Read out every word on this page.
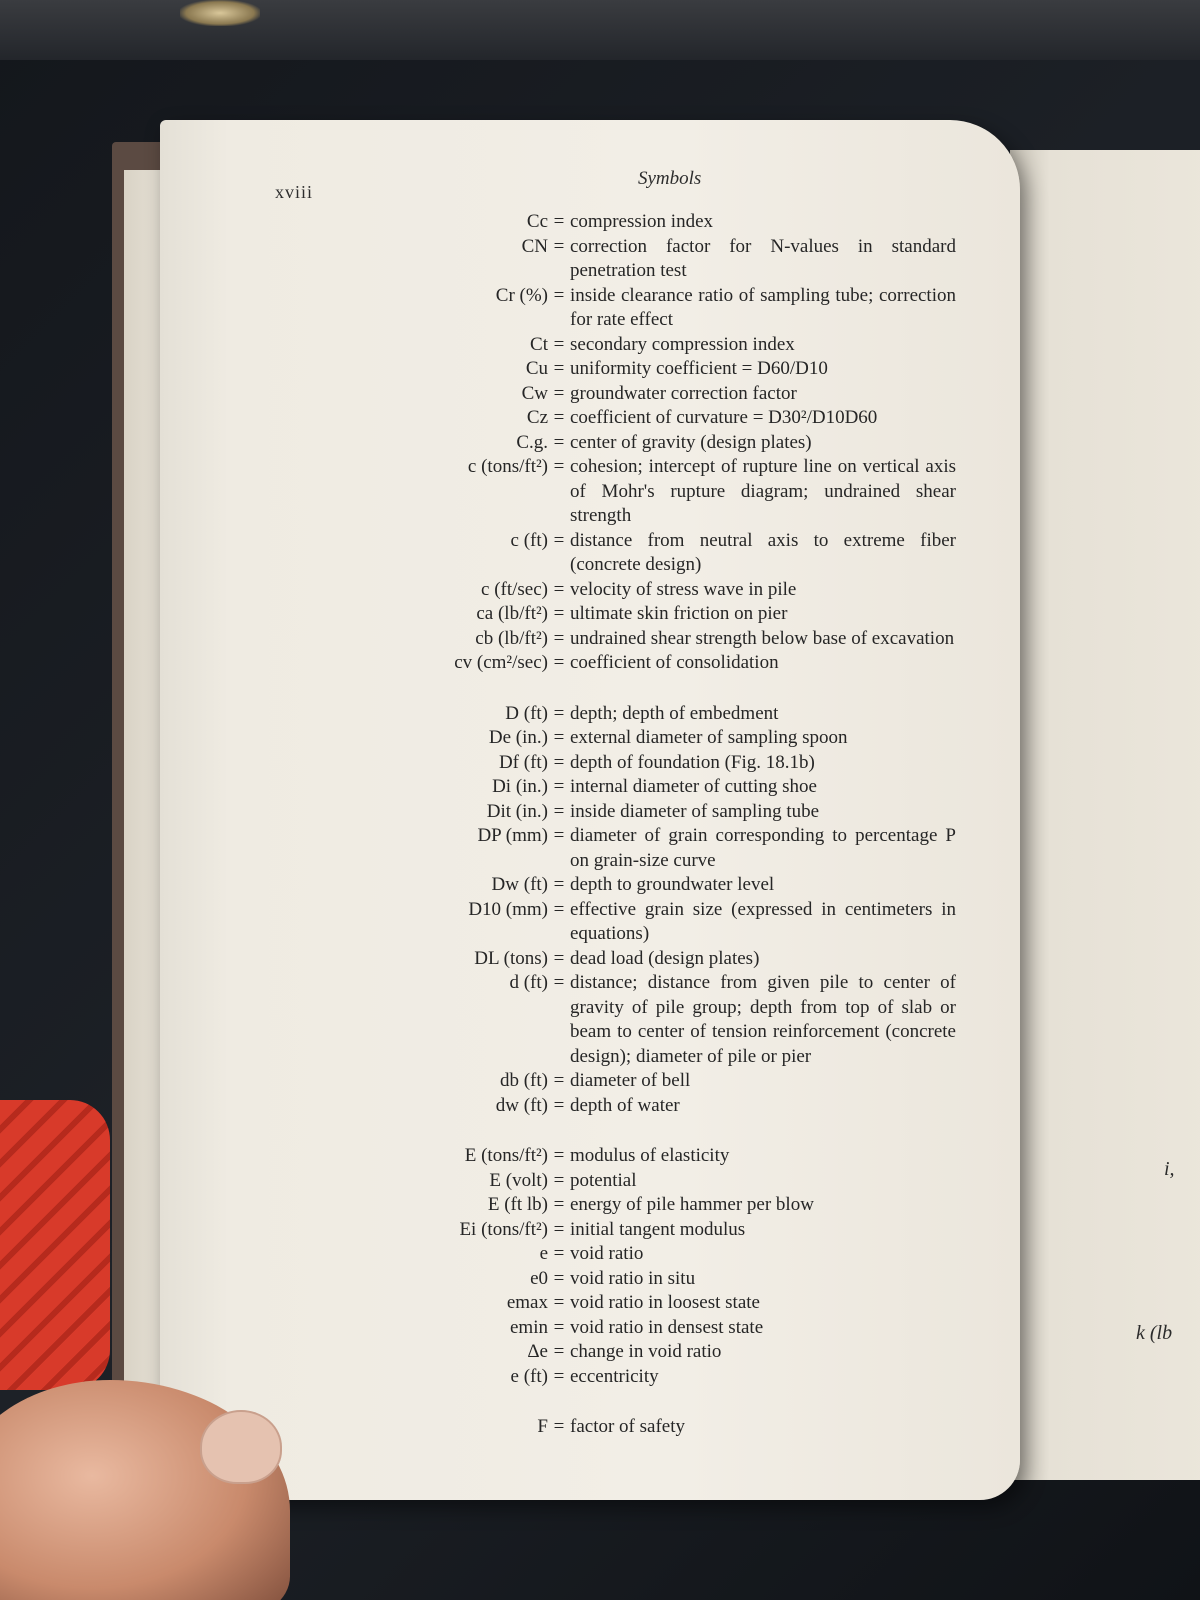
i,
k (lb
xviii
Symbols
Cc = compression index
CN = correction factor for N-values in standard penetration test
Cr (%) = inside clearance ratio of sampling tube; correction for rate effect
Ct = secondary compression index
Cu = uniformity coefficient = D60/D10
Cw = groundwater correction factor
Cz = coefficient of curvature = D30²/D10D60
C.g. = center of gravity (design plates)
c (tons/ft²) = cohesion; intercept of rupture line on vertical axis of Mohr's rupture diagram; undrained shear strength
c (ft) = distance from neutral axis to extreme fiber (concrete design)
c (ft/sec) = velocity of stress wave in pile
ca (lb/ft²) = ultimate skin friction on pier
cb (lb/ft²) = undrained shear strength below base of excavation
cv (cm²/sec) = coefficient of consolidation
D (ft) = depth; depth of embedment
De (in.) = external diameter of sampling spoon
Df (ft) = depth of foundation (Fig. 18.1b)
Di (in.) = internal diameter of cutting shoe
Dit (in.) = inside diameter of sampling tube
DP (mm) = diameter of grain corresponding to percentage P on grain-size curve
Dw (ft) = depth to groundwater level
D10 (mm) = effective grain size (expressed in centimeters in equations)
DL (tons) = dead load (design plates)
d (ft) = distance; distance from given pile to center of gravity of pile group; depth from top of slab or beam to center of tension reinforcement (concrete design); diameter of pile or pier
db (ft) = diameter of bell
dw (ft) = depth of water
E (tons/ft²) = modulus of elasticity
E (volt) = potential
E (ft lb) = energy of pile hammer per blow
Ei (tons/ft²) = initial tangent modulus
e = void ratio
e0 = void ratio in situ
emax = void ratio in loosest state
emin = void ratio in densest state
Δe = change in void ratio
e (ft) = eccentricity
F = factor of safety
